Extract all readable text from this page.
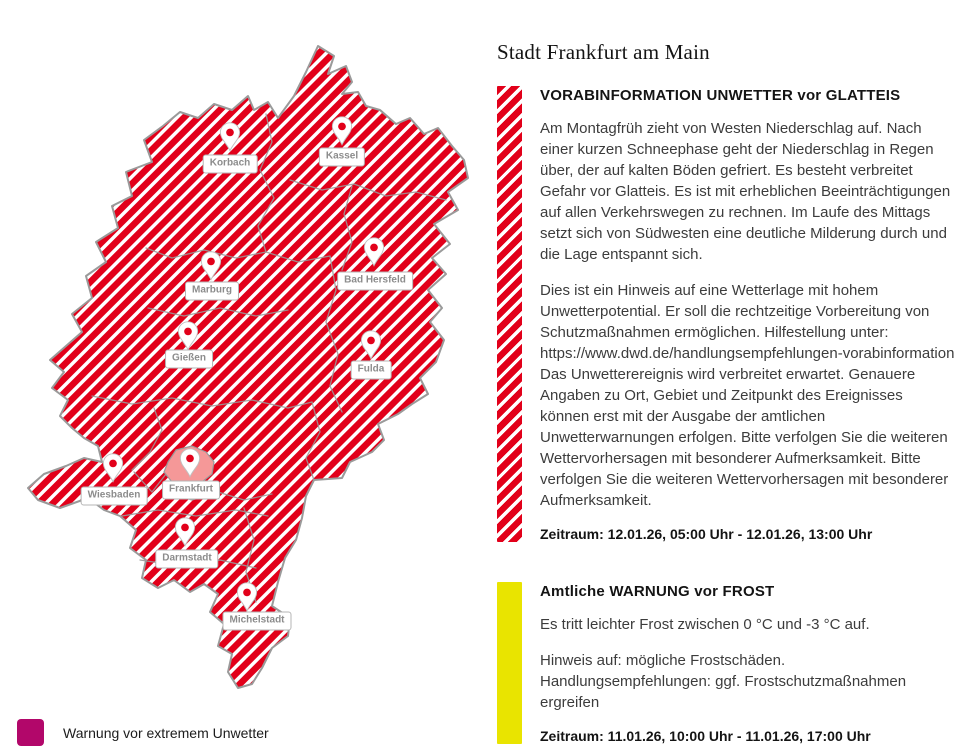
Korbach
Kassel
Marburg
Bad Hersfeld
Gießen
Fulda
Wiesbaden
Frankfurt
Darmstadt
Michelstadt
Stadt Frankfurt am Main
VORABINFORMATION UNWETTER vor GLATTEIS

Am Montagfrüh zieht von Westen Niederschlag auf. Nach einer kurzen Schneephase geht der Niederschlag in Regen über, der auf kalten Böden gefriert. Es besteht verbreitet Gefahr vor Glatteis. Es ist mit erheblichen Beeinträchtigungen auf allen Verkehrswegen zu rechnen. Im Laufe des Mittags setzt sich von Südwesten eine deutliche Milderung durch und die Lage entspannt sich.

Dies ist ein Hinweis auf eine Wetterlage mit hohem Unwetterpotential. Er soll die rechtzeitige Vorbereitung von Schutzmaßnahmen ermöglichen. Hilfestellung unter: https://www.dwd.de/handlungsempfehlungen-vorabinformation Das Unwetterereignis wird verbreitet erwartet. Genauere Angaben zu Ort, Gebiet und Zeitpunkt des Ereignisses können erst mit der Ausgabe der amtlichen Unwetterwarnungen erfolgen. Bitte verfolgen Sie die weiteren Wettervorhersagen mit besonderer Aufmerksamkeit. Bitte verfolgen Sie die weiteren Wettervorhersagen mit besonderer Aufmerksamkeit.

Zeitraum: 12.01.26, 05:00 Uhr - 12.01.26, 13:00 Uhr
Amtliche WARNUNG vor FROST

Es tritt leichter Frost zwischen 0 °C und -3 °C auf.

Hinweis auf: mögliche Frostschäden.
Handlungsempfehlungen: ggf. Frostschutzmaßnahmen ergreifen

Zeitraum: 11.01.26, 10:00 Uhr - 11.01.26, 17:00 Uhr
Warnung vor extremem Unwetter
